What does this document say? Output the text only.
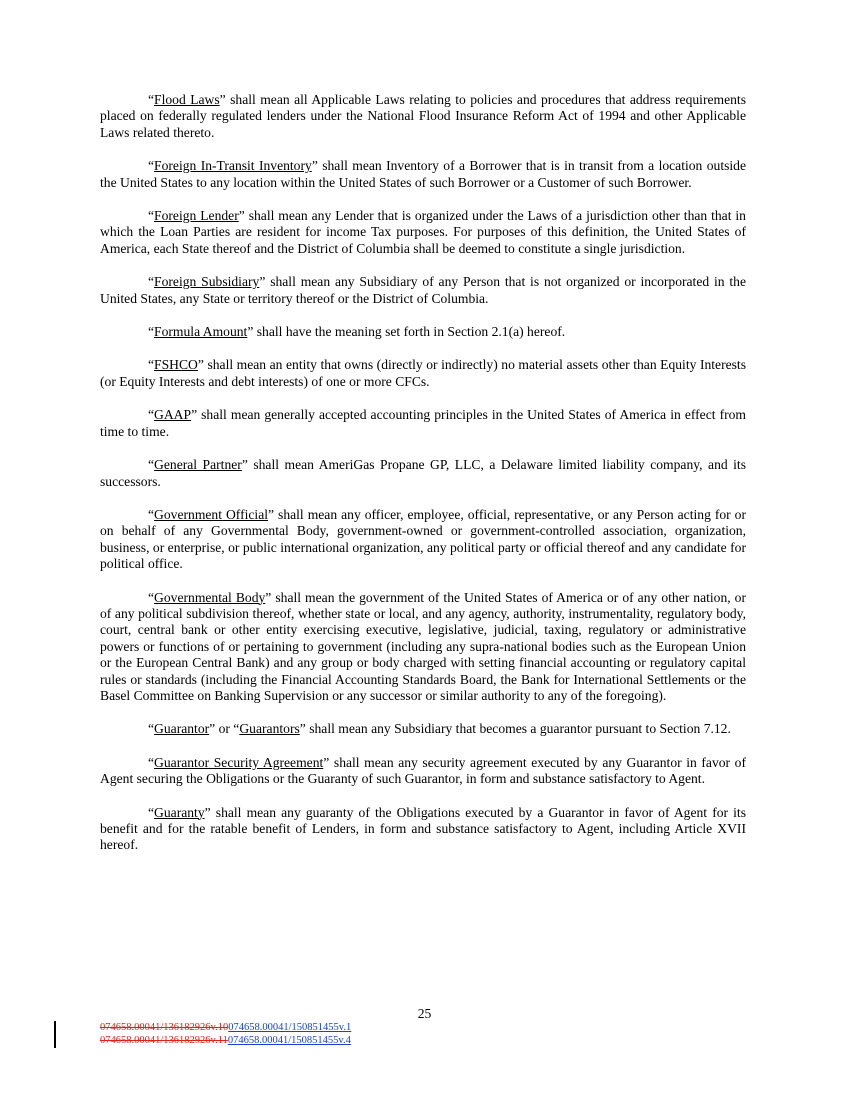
“Flood Laws” shall mean all Applicable Laws relating to policies and procedures that address requirements placed on federally regulated lenders under the National Flood Insurance Reform Act of 1994 and other Applicable Laws related thereto.

“Foreign In-Transit Inventory” shall mean Inventory of a Borrower that is in transit from a location outside the United States to any location within the United States of such Borrower or a Customer of such Borrower.

“Foreign Lender” shall mean any Lender that is organized under the Laws of a jurisdiction other than that in which the Loan Parties are resident for income Tax purposes. For purposes of this definition, the United States of America, each State thereof and the District of Columbia shall be deemed to constitute a single jurisdiction.

“Foreign Subsidiary” shall mean any Subsidiary of any Person that is not organized or incorporated in the United States, any State or territory thereof or the District of Columbia.

“Formula Amount” shall have the meaning set forth in Section 2.1(a) hereof.

“FSHCO” shall mean an entity that owns (directly or indirectly) no material assets other than Equity Interests (or Equity Interests and debt interests) of one or more CFCs.

“GAAP” shall mean generally accepted accounting principles in the United States of America in effect from time to time.

“General Partner” shall mean AmeriGas Propane GP, LLC, a Delaware limited liability company, and its successors.

“Government Official” shall mean any officer, employee, official, representative, or any Person acting for or on behalf of any Governmental Body, government-owned or government-controlled association, organization, business, or enterprise, or public international organization, any political party or official thereof and any candidate for political office.

“Governmental Body” shall mean the government of the United States of America or of any other nation, or of any political subdivision thereof, whether state or local, and any agency, authority, instrumentality, regulatory body, court, central bank or other entity exercising executive, legislative, judicial, taxing, regulatory or administrative powers or functions of or pertaining to government (including any supra-national bodies such as the European Union or the European Central Bank) and any group or body charged with setting financial accounting or regulatory capital rules or standards (including the Financial Accounting Standards Board, the Bank for International Settlements or the Basel Committee on Banking Supervision or any successor or similar authority to any of the foregoing).

“Guarantor” or “Guarantors” shall mean any Subsidiary that becomes a guarantor pursuant to Section 7.12.

“Guarantor Security Agreement” shall mean any security agreement executed by any Guarantor in favor of Agent securing the Obligations or the Guaranty of such Guarantor, in form and substance satisfactory to Agent.

“Guaranty” shall mean any guaranty of the Obligations executed by a Guarantor in favor of Agent for its benefit and for the ratable benefit of Lenders, in form and substance satisfactory to Agent, including Article XVII hereof.

25
074658.00041/136182926v.10074658.00041/150851455v.1
074658.00041/136182926v.11074658.00041/150851455v.4
